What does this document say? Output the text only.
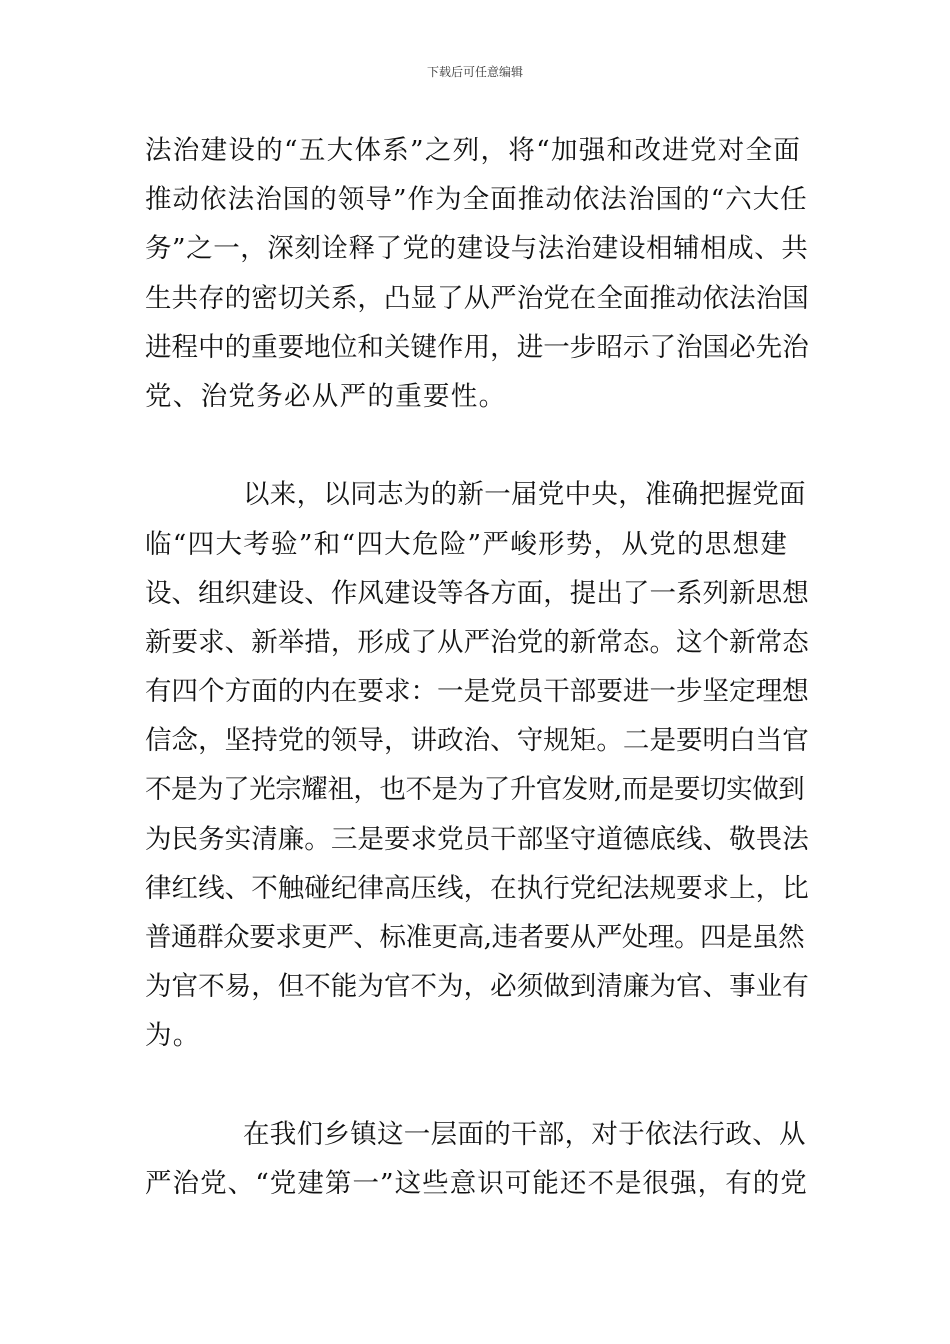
下载后可任意编辑
法治建设的“五大体系”之列，将“加强和改进党对全面
推动依法治国的领导”作为全面推动依法治国的“六大任
务”之一，深刻诠释了党的建设与法治建设相辅相成、共
生共存的密切关系，凸显了从严治党在全面推动依法治国
进程中的重要地位和关键作用，进一步昭示了治国必先治
党、治党务必从严的重要性。
以来，以同志为的新一届党中央，准确把握党面
临“四大考验”和“四大危险”严峻形势，从党的思想建
设、组织建设、作风建设等各方面，提出了一系列新思想
新要求、新举措，形成了从严治党的新常态。这个新常态
有四个方面的内在要求：一是党员干部要进一步坚定理想
信念，坚持党的领导，讲政治、守规矩。二是要明白当官
不是为了光宗耀祖，也不是为了升官发财,而是要切实做到
为民务实清廉。三是要求党员干部坚守道德底线、敬畏法
律红线、不触碰纪律高压线，在执行党纪法规要求上，比
普通群众要求更严、标准更高,违者要从严处理。四是虽然
为官不易，但不能为官不为，必须做到清廉为官、事业有
为。
在我们乡镇这一层面的干部，对于依法行政、从
严治党、“党建第一”这些意识可能还不是很强，有的党
